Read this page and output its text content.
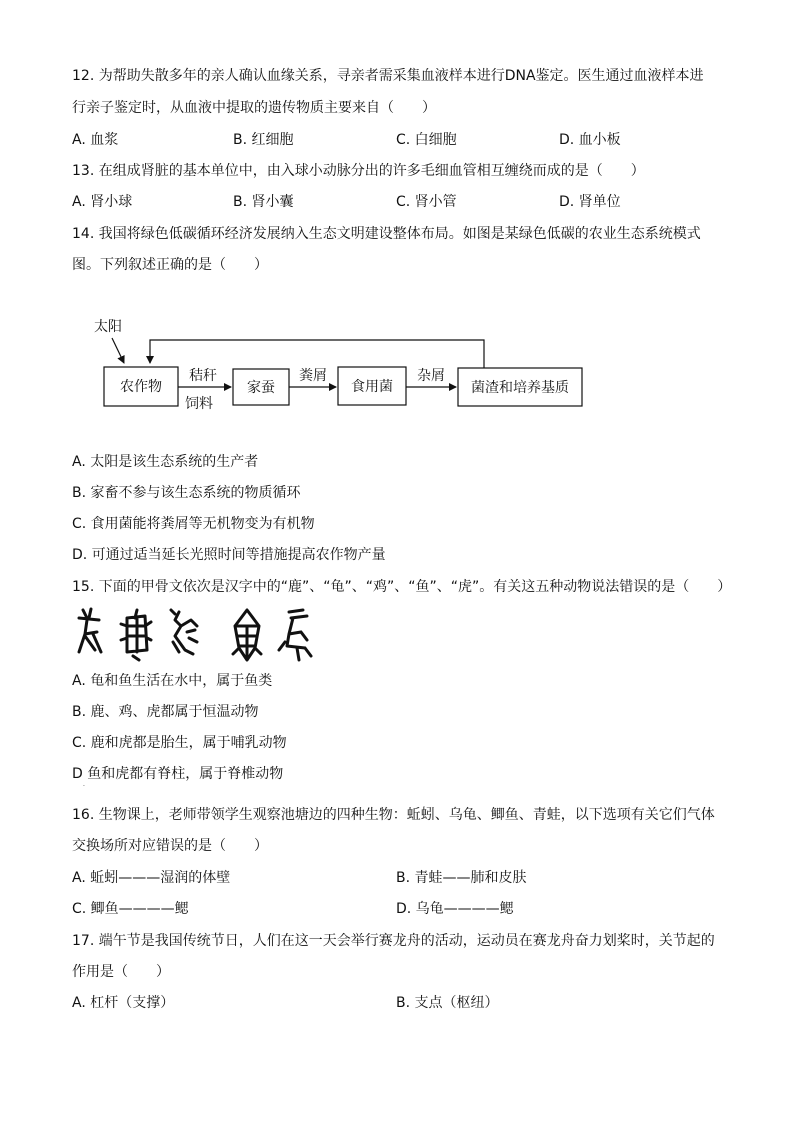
12. 为帮助失散多年的亲人确认血缘关系，寻亲者需采集血液样本进行DNA鉴定。医生通过血液样本进
行亲子鉴定时，从血液中提取的遗传物质主要来自（　　）
A. 血浆	B. 红细胞	C. 白细胞	D. 血小板
13. 在组成肾脏的基本单位中，由入球小动脉分出的许多毛细血管相互缠绕而成的是（　　）
A. 肾小球	B. 肾小囊	C. 肾小管	D. 肾单位
14. 我国将绿色低碳循环经济发展纳入生态文明建设整体布局。如图是某绿色低碳的农业生态系统模式
图。下列叙述正确的是（　　）
太阳
农作物	家蚕	食用菌	菌渣和培养基质
秸秆
饲料
粪屑	杂屑
A. 太阳是该生态系统的生产者
B. 家畜不参与该生态系统的物质循环
C. 食用菌能将粪屑等无机物变为有机物
D. 可通过适当延长光照时间等措施提高农作物产量
15. 下面的甲骨文依次是汉字中的“鹿”、“龟”、“鸡”、“鱼”、“虎”。有关这五种动物说法错误的是（　　）
A. 龟和鱼生活在水中，属于鱼类
B. 鹿、鸡、虎都属于恒温动物
C. 鹿和虎都是胎生，属于哺乳动物
D 鱼和虎都有脊柱，属于脊椎动物
.
16. 生物课上，老师带领学生观察池塘边的四种生物：蚯蚓、乌龟、鲫鱼、青蛙，以下选项有关它们气体
交换场所对应错误的是（　　）
A. 蚯蚓———湿润的体壁	B. 青蛙——肺和皮肤
C. 鲫鱼————鳃	D. 乌龟————鳃
17. 端午节是我国传统节日，人们在这一天会举行赛龙舟的活动，运动员在赛龙舟奋力划桨时，关节起的
作用是（　　）
A. 杠杆（支撑）	B. 支点（枢纽）
